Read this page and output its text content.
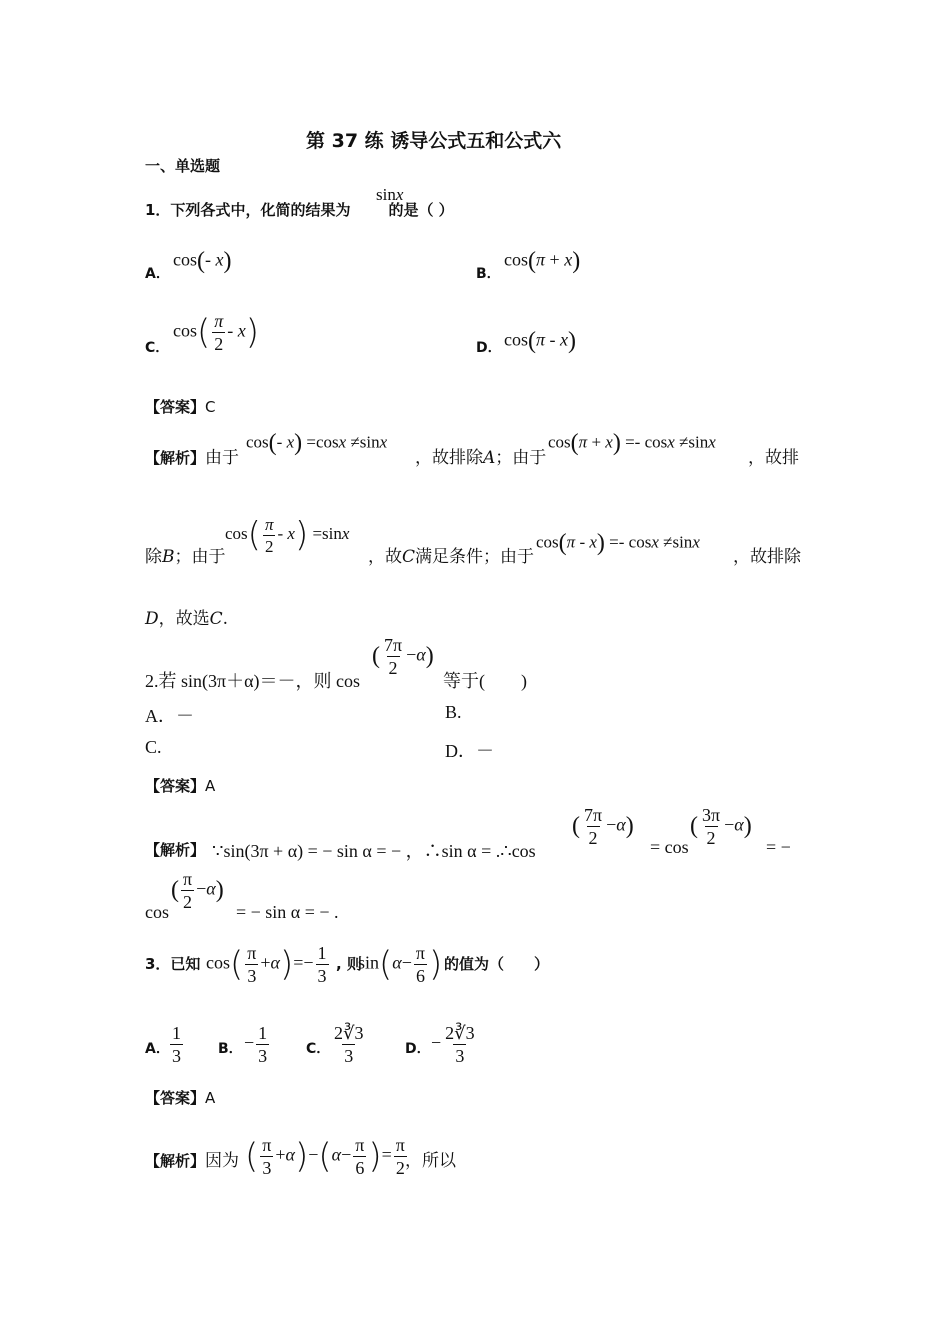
第 37 练 诱导公式五和公式六
一、单选题
1．下列各式中，化简的结果为	的是（ ）
sinx
A．
cos(- x)	B．
cos(π + x)
C．
$\cos( \frac{\pi}{2} - x)$	D． cos(π - x)
【答案】C
【解析】由于
cos(- x) =cosx ≠sinx
，故排除A；由于
cos(π + x) =- cosx ≠sinx
，故排
除B；由于
$\cos( \frac{\pi}{2} - x) =\sin x$
，故C满足条件；由于
cos(π - x) =- cosx ≠sinx
，故排除
D，故选C.
2.若 sin(3π＋α)＝－，则 cos
( $\frac{7\pi}{2} -\alpha$)
等于(　　)
A．－	B.
C.	D．－
【答案】A
【解析】 ∵sin(3π + α) = − sin α = − ，∴sin α = .∴cos
( $\frac{7\pi}{2} -\alpha$)
= cos
( $\frac{3\pi}{2} -\alpha$)
= −
cos
( $\frac{\pi}{2} -\alpha$)
= − sin α = − .
3．已知 $\cos( \frac{\pi}{3} +\alpha)=- \frac{1}{3}$ , 则
$\sin(\alpha- \frac{\pi}{6}$ ) 的值为（　　）
A． $\frac{1}{3}$	B． − $\frac{1}{3}$	C． $\frac{2∛3}{3}$	D． − $\frac{2∛3}{3}$
【答案】A
【解析】因为 ( $\frac{\pi}{3} +\alpha)-(\alpha- \frac{\pi}{6}$ )= $\frac{\pi}{2}$
，所以
